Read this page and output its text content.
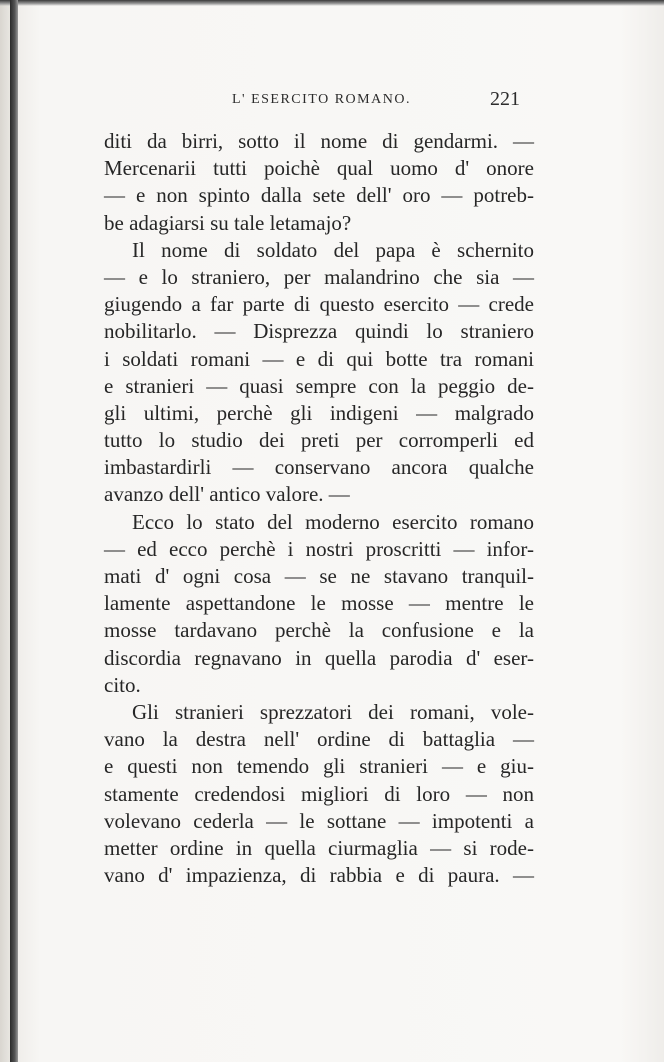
L' ESERCITO ROMANO.	221
diti da birri, sotto il nome di gendarmi. —
Mercenarii tutti poichè qual uomo d' onore
— e non spinto dalla sete dell' oro — potreb-
be adagiarsi su tale letamajo?
Il nome di soldato del papa è schernito
— e lo straniero, per malandrino che sia —
giugendo a far parte di questo esercito — crede
nobilitarlo. — Disprezza quindi lo straniero
i soldati romani — e di qui botte tra romani
e stranieri — quasi sempre con la peggio de-
gli ultimi, perchè gli indigeni — malgrado
tutto lo studio dei preti per corromperli ed
imbastardirli — conservano ancora qualche
avanzo dell' antico valore. —
Ecco lo stato del moderno esercito romano
— ed ecco perchè i nostri proscritti — infor-
mati d' ogni cosa — se ne stavano tranquil-
lamente aspettandone le mosse — mentre le
mosse tardavano perchè la confusione e la
discordia regnavano in quella parodia d' eser-
cito.
Gli stranieri sprezzatori dei romani, vole-
vano la destra nell' ordine di battaglia —
e questi non temendo gli stranieri — e giu-
stamente credendosi migliori di loro — non
volevano cederla — le sottane — impotenti a
metter ordine in quella ciurmaglia — si rode-
vano d' impazienza, di rabbia e di paura. —
